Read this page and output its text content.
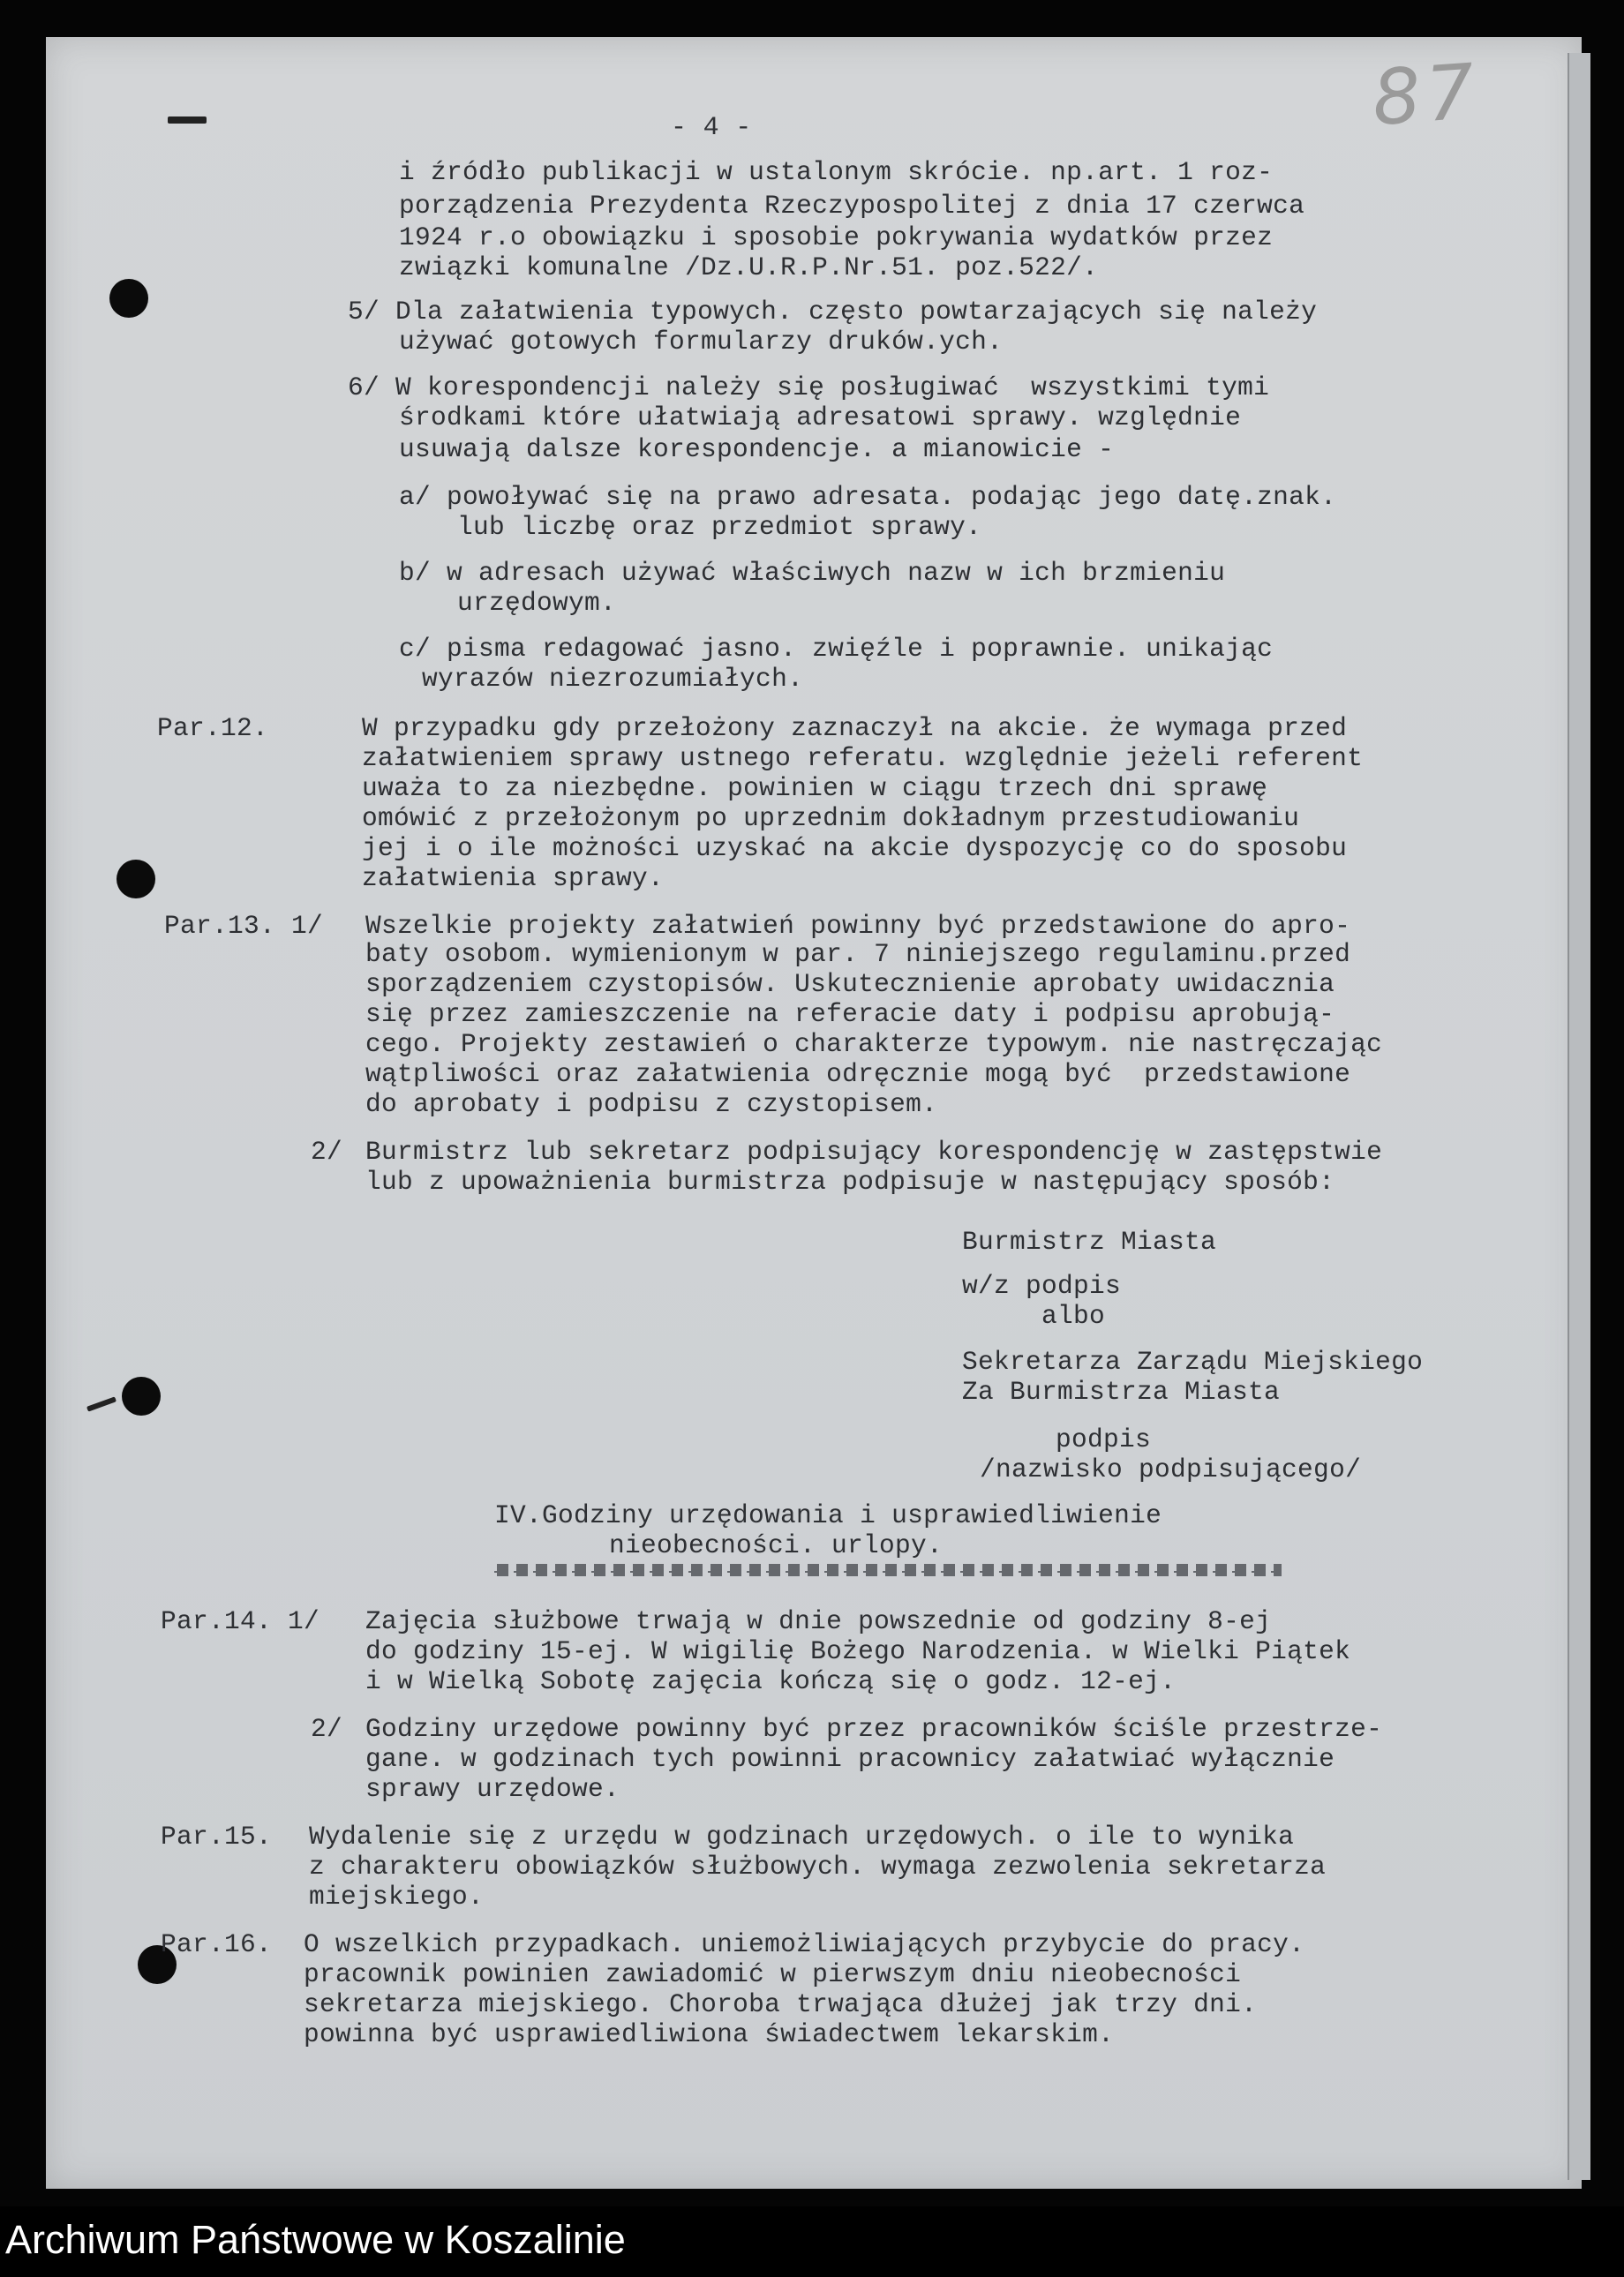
- 4 -	87
i źródło publikacji w ustalonym skrócie. np.art. 1 roz-
porządzenia Prezydenta Rzeczypospolitej z dnia 17 czerwca
1924 r.o obowiązku i sposobie pokrywania wydatków przez
związki komunalne /Dz.U.R.P.Nr.51. poz.522/.
5/ Dla załatwienia typowych. często powtarzających się należy
używać gotowych formularzy druków.ych.
6/ W korespondencji należy się posługiwać  wszystkimi tymi
środkami które ułatwiają adresatowi sprawy. względnie
usuwają dalsze korespondencje. a mianowicie -
a/ powoływać się na prawo adresata. podając jego datę.znak.
lub liczbę oraz przedmiot sprawy.
b/ w adresach używać właściwych nazw w ich brzmieniu
urzędowym.
c/ pisma redagować jasno. zwięźle i poprawnie. unikając
wyrazów niezrozumiałych.
Par.12.	W przypadku gdy przełożony zaznaczył na akcie. że wymaga przed
załatwieniem sprawy ustnego referatu. względnie jeżeli referent
uważa to za niezbędne. powinien w ciągu trzech dni sprawę
omówić z przełożonym po uprzednim dokładnym przestudiowaniu
jej i o ile możności uzyskać na akcie dyspozycję co do sposobu
załatwienia sprawy.
Par.13. 1/ Wszelkie projekty załatwień powinny być przedstawione do apro-
baty osobom. wymienionym w par. 7 niniejszego regulaminu.przed
sporządzeniem czystopisów. Uskutecznienie aprobaty uwidacznia
się przez zamieszczenie na referacie daty i podpisu aprobują-
cego. Projekty zestawień o charakterze typowym. nie nastręczając
wątpliwości oraz załatwienia odręcznie mogą być  przedstawione
do aprobaty i podpisu z czystopisem.
2/ Burmistrz lub sekretarz podpisujący korespondencję w zastępstwie
lub z upoważnienia burmistrza podpisuje w następujący sposób:
Burmistrz Miasta
w/z podpis
albo
Sekretarza Zarządu Miejskiego
Za Burmistrza Miasta
podpis
/nazwisko podpisującego/
IV.Godziny urzędowania i usprawiedliwienie
nieobecności. urlopy.
Par.14. 1/ Zajęcia służbowe trwają w dnie powszednie od godziny 8-ej
do godziny 15-ej. W wigilię Bożego Narodzenia. w Wielki Piątek
i w Wielką Sobotę zajęcia kończą się o godz. 12-ej.
2/ Godziny urzędowe powinny być przez pracowników ściśle przestrze-
gane. w godzinach tych powinni pracownicy załatwiać wyłącznie
sprawy urzędowe.
Par.15. Wydalenie się z urzędu w godzinach urzędowych. o ile to wynika
z charakteru obowiązków służbowych. wymaga zezwolenia sekretarza
miejskiego.
Par.16. O wszelkich przypadkach. uniemożliwiających przybycie do pracy.
pracownik powinien zawiadomić w pierwszym dniu nieobecności
sekretarza miejskiego. Choroba trwająca dłużej jak trzy dni.
powinna być usprawiedliwiona świadectwem lekarskim.
Archiwum Państwowe w Koszalinie
